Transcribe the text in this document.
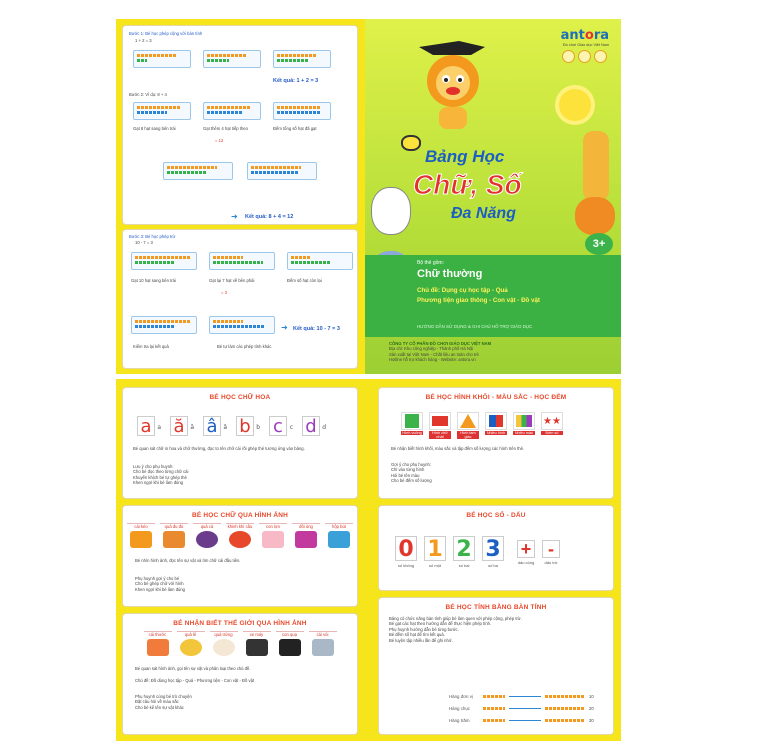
Bước 1: Bé học phép cộng với bàn tính
1 + 2 = 3
Kết quả: 1 + 2 = 3
Bước 2: Ví dụ: 8 + 4
Gạt 8 hạt sang bên trái	Gạt thêm 4 hạt tiếp theo
= 12
Đếm tổng số hạt đã gạt
➜ Kết quả: 8 + 4 = 12
Bước 3: Bé học phép trừ
10 - 7 = 3
Gạt 10 hạt sang bên trái	Gạt lại 7 hạt về bên phải
= 3
Đếm số hạt còn lại
➜ Kết quả: 10 - 7 = 3
Kiểm tra lại kết quả	Bé tự làm các phép tính khác
antora
Đồ chơi Giáo dục Việt Nam
Bảng Học
Chữ, Số
Đa Năng
3+
Bộ thẻ gồm:
Chữ thường
Chủ đề: Dụng cụ học tập - Quả
Phương tiện giao thông - Con vật - Đồ vật
HƯỚNG DẪN SỬ DỤNG & GHI CHÚ HỖ TRỢ GIÁO DỤC
CÔNG TY CỔ PHẦN ĐỒ CHƠI GIÁO DỤC VIỆT NAM
Địa chỉ: Khu công nghiệp - Thành phố Hà Nội
Sản xuất tại Việt Nam - Chất liệu an toàn cho trẻ
Hotline hỗ trợ khách hàng - Website: antora.vn
BÉ HỌC CHỮ HOA
a a ă ă â â b b c c d d
Bé quan sát chữ in hoa và chữ thường, đọc to tên chữ cái rồi ghép thẻ tương ứng vào bảng.
Lưu ý cho phụ huynh:
Cho bé đọc theo từng chữ cái
Khuyến khích bé tự ghép thẻ
Khen ngợi khi bé làm đúng
BÉ HỌC CHỮ QUA HÌNH ẢNH
cái kéo	quả đu đủ	quả cà	khinh khí cầu	con lợn	đôi ủng	hộp bút
Bé nhìn hình ảnh, đọc tên sự vật và tìm chữ cái đầu tiên.
Phụ huynh gợi ý cho bé
Cho bé ghép chữ với hình
Khen ngợi khi bé làm đúng
BÉ NHẬN BIẾT THẾ GIỚI QUA HÌNH ẢNH
cái thước	quả lê	quả trứng	xe máy	con quạ	cái vòi
Bé quan sát hình ảnh, gọi tên sự vật và phân loại theo chủ đề.
Chủ đề: Đồ dùng học tập - Quả - Phương tiện - Con vật - Đồ vật
Phụ huynh cùng bé trò chuyện
Đặt câu hỏi về màu sắc
Cho bé kể tên sự vật khác
BÉ HỌC HÌNH KHỐI - MÀU SẮC - HỌC ĐẾM
Hình vuông	Hình chữ nhật
Hình tam giác
Nhiều hình	Nhiều màu
★★
Đếm số
Bé nhận biết hình khối, màu sắc và tập đếm số lượng các hình trên thẻ.
Gợi ý cho phụ huynh:
Chỉ vào từng hình
Hỏi bé tên màu
Cho bé đếm số lượng
BÉ HỌC SỐ - DẤU
0
số không
1
số một
2
số hai
3
số ba
+
dấu cộng
-
dấu trừ
BÉ HỌC TÍNH BẰNG BÀN TÍNH
Bảng có chức năng bàn tính giúp bé làm quen với phép cộng, phép trừ.
Bé gạt các hạt theo hướng dẫn để thực hiện phép tính.
Phụ huynh hướng dẫn bé từng bước.
Bé đếm số hạt để tìm kết quả.
Bé luyện tập nhiều lần để ghi nhớ.
Hàng đơn vị	10
Hàng chục	20
Hàng trăm	30
